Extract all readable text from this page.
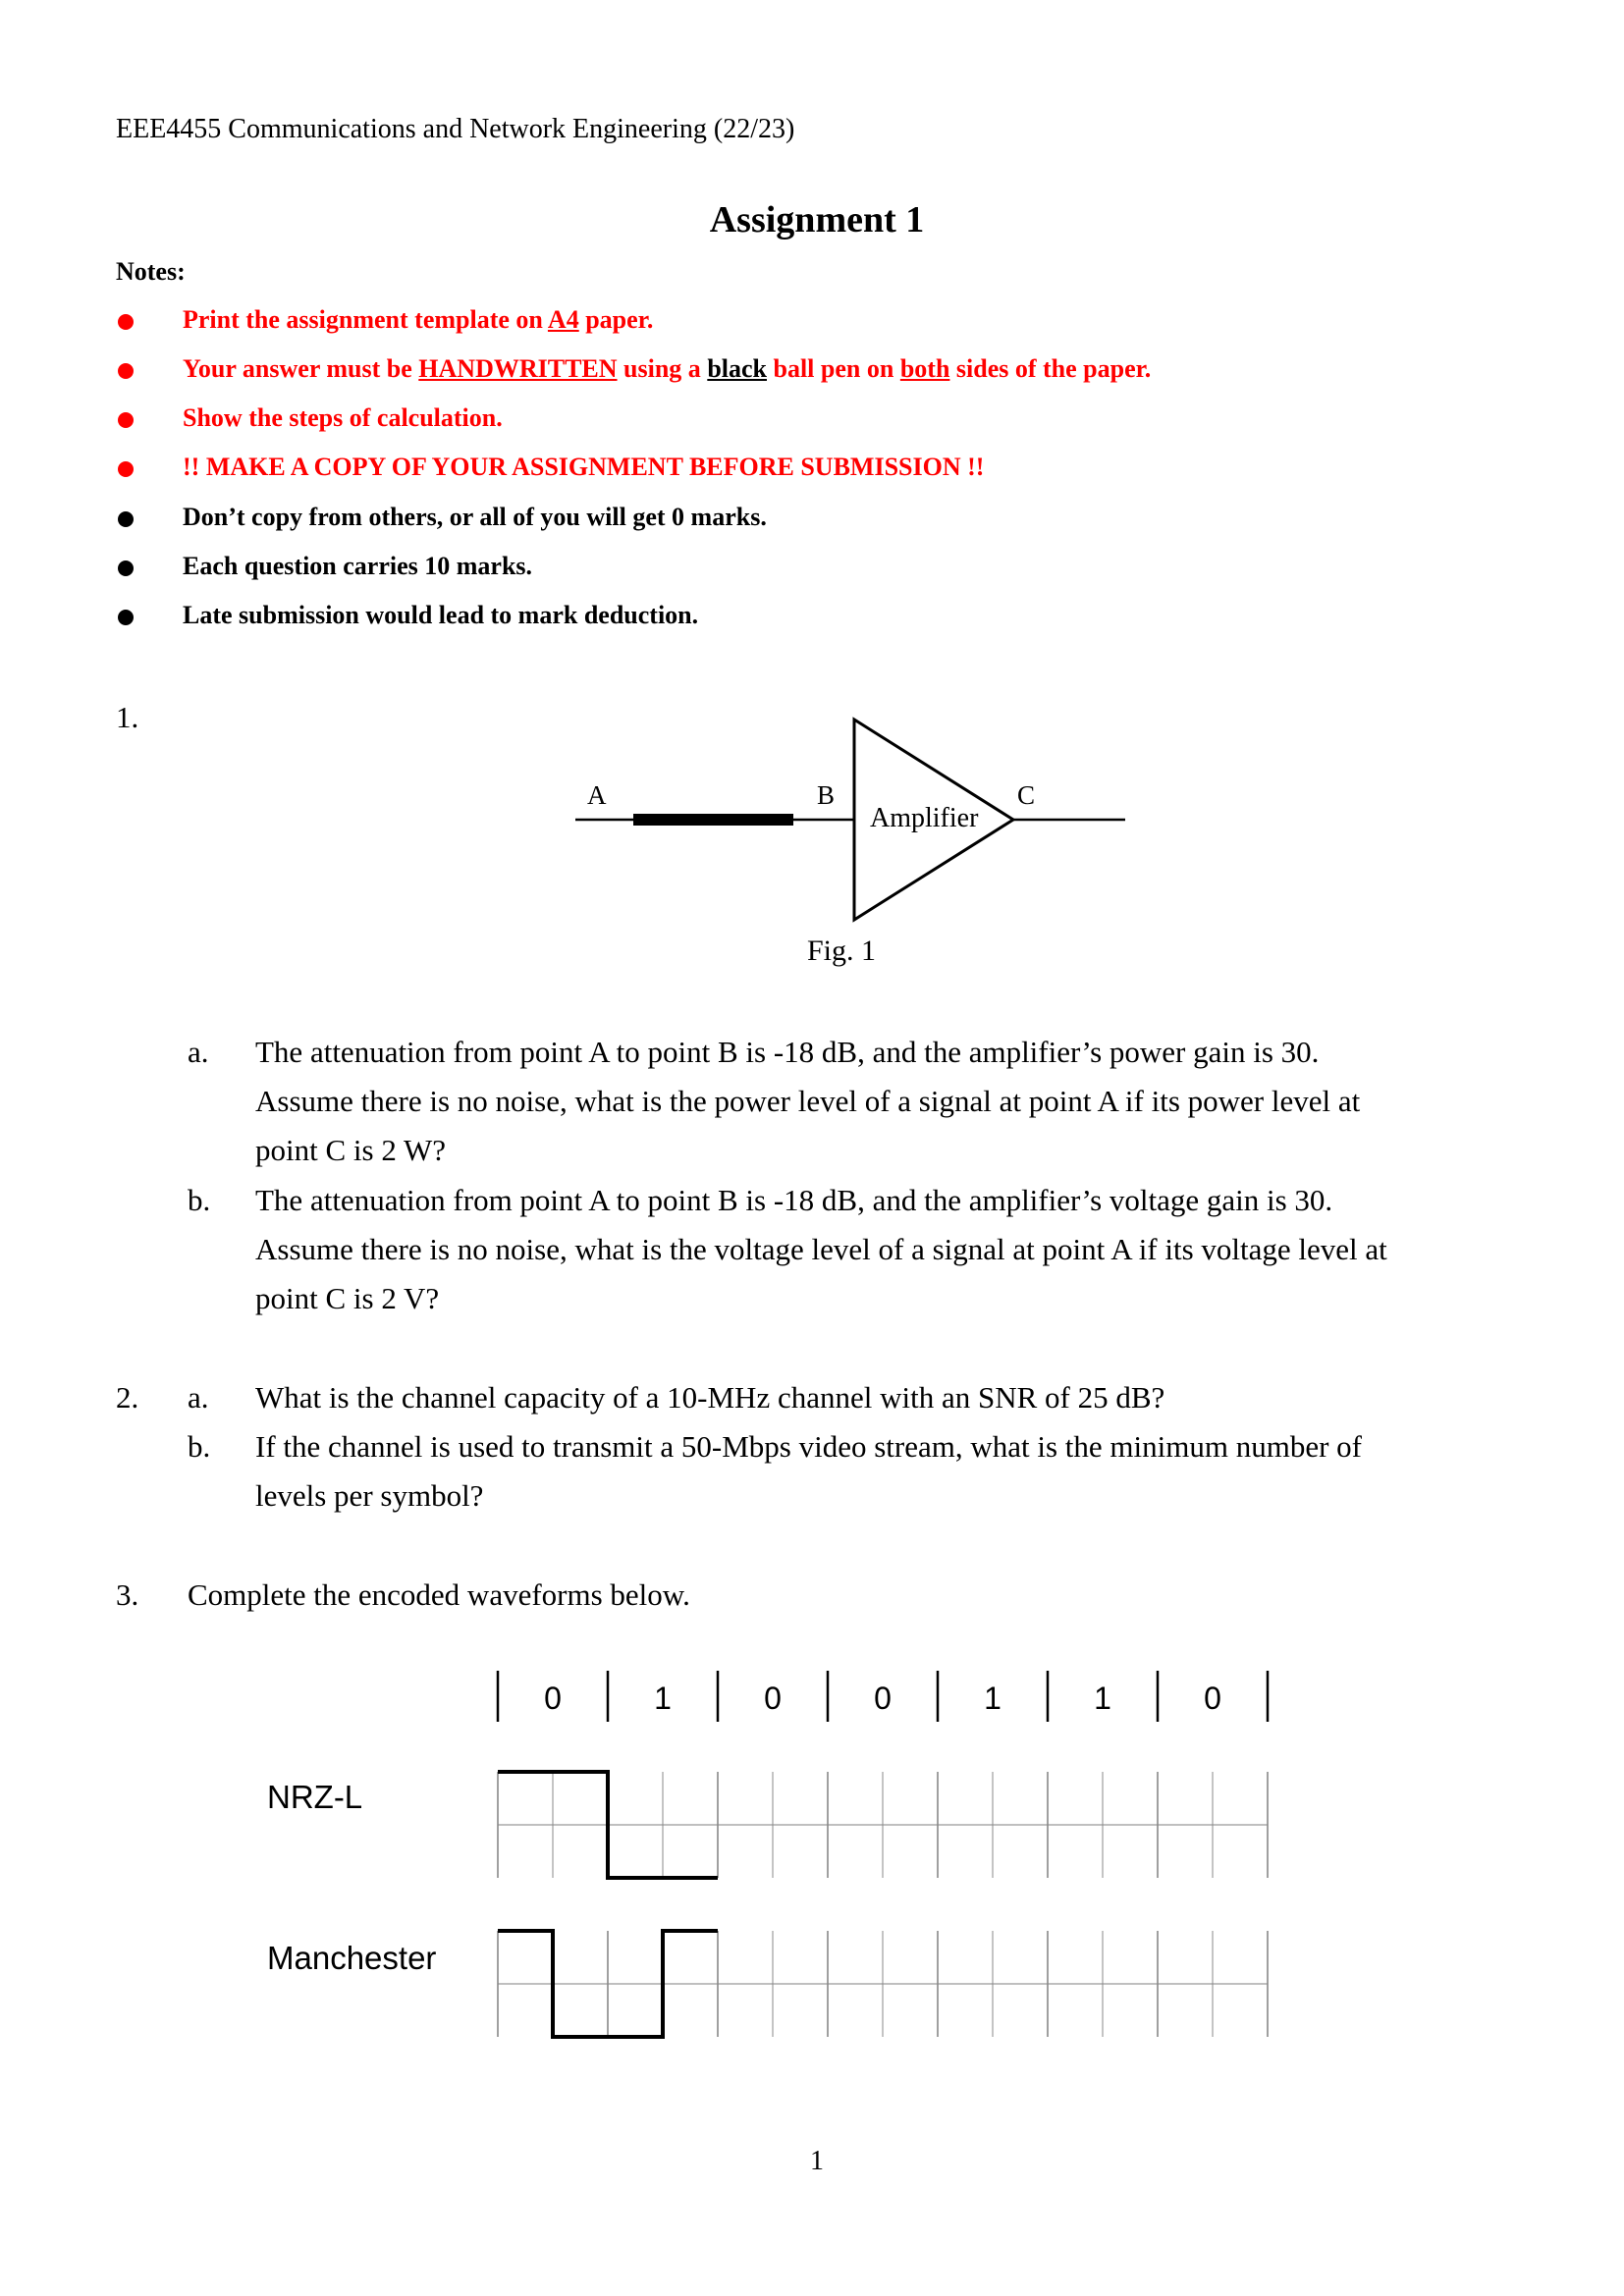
EEE4455 Communications and Network Engineering (22/23)
Assignment 1
Notes:
Print the assignment template on A4 paper.
Your answer must be HANDWRITTEN using a black ball pen on both sides of the paper.
Show the steps of calculation.
!! MAKE A COPY OF YOUR ASSIGNMENT BEFORE SUBMISSION !!
Don’t copy from others, or all of you will get 0 marks.
Each question carries 10 marks.
Late submission would lead to mark deduction.
1.
A	B	C
Amplifier
Fig. 1
a. The attenuation from point A to point B is -18 dB, and the amplifier’s power gain is 30.
Assume there is no noise, what is the power level of a signal at point A if its power level at
point C is 2 W?
b. The attenuation from point A to point B is -18 dB, and the amplifier’s voltage gain is 30.
Assume there is no noise, what is the voltage level of a signal at point A if its voltage level at
point C is 2 V?
2. a. What is the channel capacity of a 10-MHz channel with an SNR of 25 dB?
b. If the channel is used to transmit a 50-Mbps video stream, what is the minimum number of
levels per symbol?
3. Complete the encoded waveforms below.
NRZ-L
Manchester
0	1	0	0	1	1	0
1
